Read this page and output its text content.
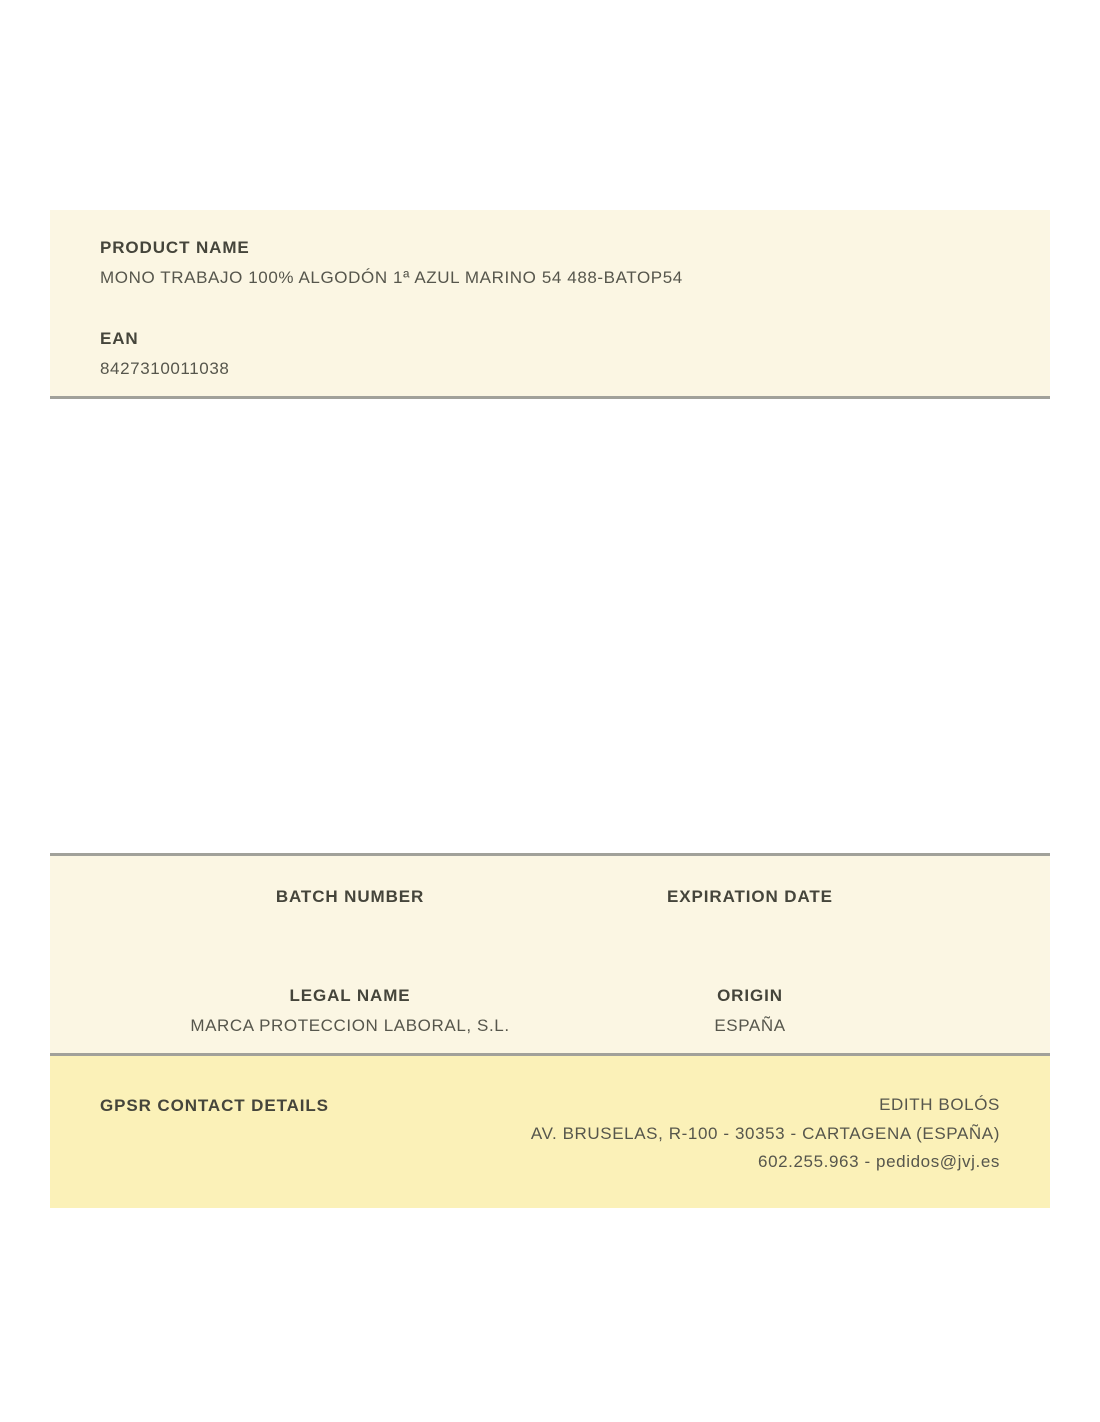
PRODUCT NAME
MONO TRABAJO 100% ALGODÓN 1ª AZUL MARINO 54 488-BATOP54
EAN
8427310011038
BATCH NUMBER	EXPIRATION DATE
LEGAL NAME
MARCA PROTECCION LABORAL, S.L.
ORIGIN
ESPAÑA
GPSR CONTACT DETAILS	EDITH BOLÓS
AV. BRUSELAS, R-100 - 30353 - CARTAGENA (ESPAÑA)
602.255.963 - pedidos@jvj.es
